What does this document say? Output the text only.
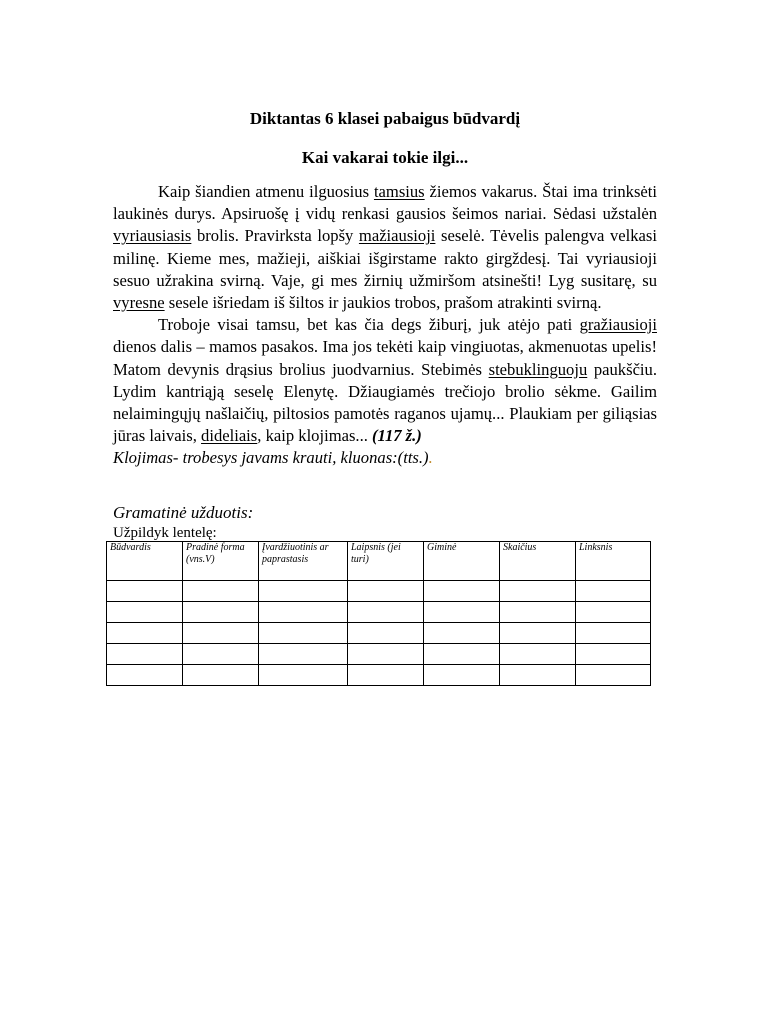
Diktantas 6 klasei pabaigus būdvardį
Kai vakarai tokie ilgi...

Kaip šiandien atmenu ilguosius tamsius žiemos vakarus. Štai ima trinksėti laukinės durys. Apsiruošę į vidų renkasi gausios šeimos nariai. Sėdasi užstalėn vyriausiasis brolis. Pravirksta lopšy mažiausioji seselė. Tėvelis palengva velkasi milinę. Kieme mes, mažieji, aiškiai išgirstame rakto girgždesį. Tai vyriausioji sesuo užrakina svirną. Vaje, gi mes žirnių užmiršom atsinešti! Lyg susitarę, su vyresne sesele išriedam iš šiltos ir jaukios trobos, prašom atrakinti svirną.

Troboje visai tamsu, bet kas čia degs žiburį, juk atėjo pati gražiausioji dienos dalis – mamos pasakos. Ima jos tekėti kaip vingiuotas, akmenuotas upelis! Matom devynis drąsius brolius juodvarnius. Stebimės stebuklinguoju paukščiu. Lydim kantriąją seselę Elenytę. Džiaugiamės trečiojo brolio sėkme. Gailim nelaimingųjų našlaičių, piltosios pamotės raganos ujamų... Plaukiam per giliąsias jūras laivais, dideliais, kaip klojimas... (117 ž.)

Klojimas- trobesys javams krauti, kluonas:(tts.).

Gramatinė užduotis:
Užpildyk lentelę:
Būdvardis	Pradinė forma (vns.V)	Įvardžiuotinis ar paprastasis	Laipsnis (jei turi)	Giminė	Skaičius	Linksnis
